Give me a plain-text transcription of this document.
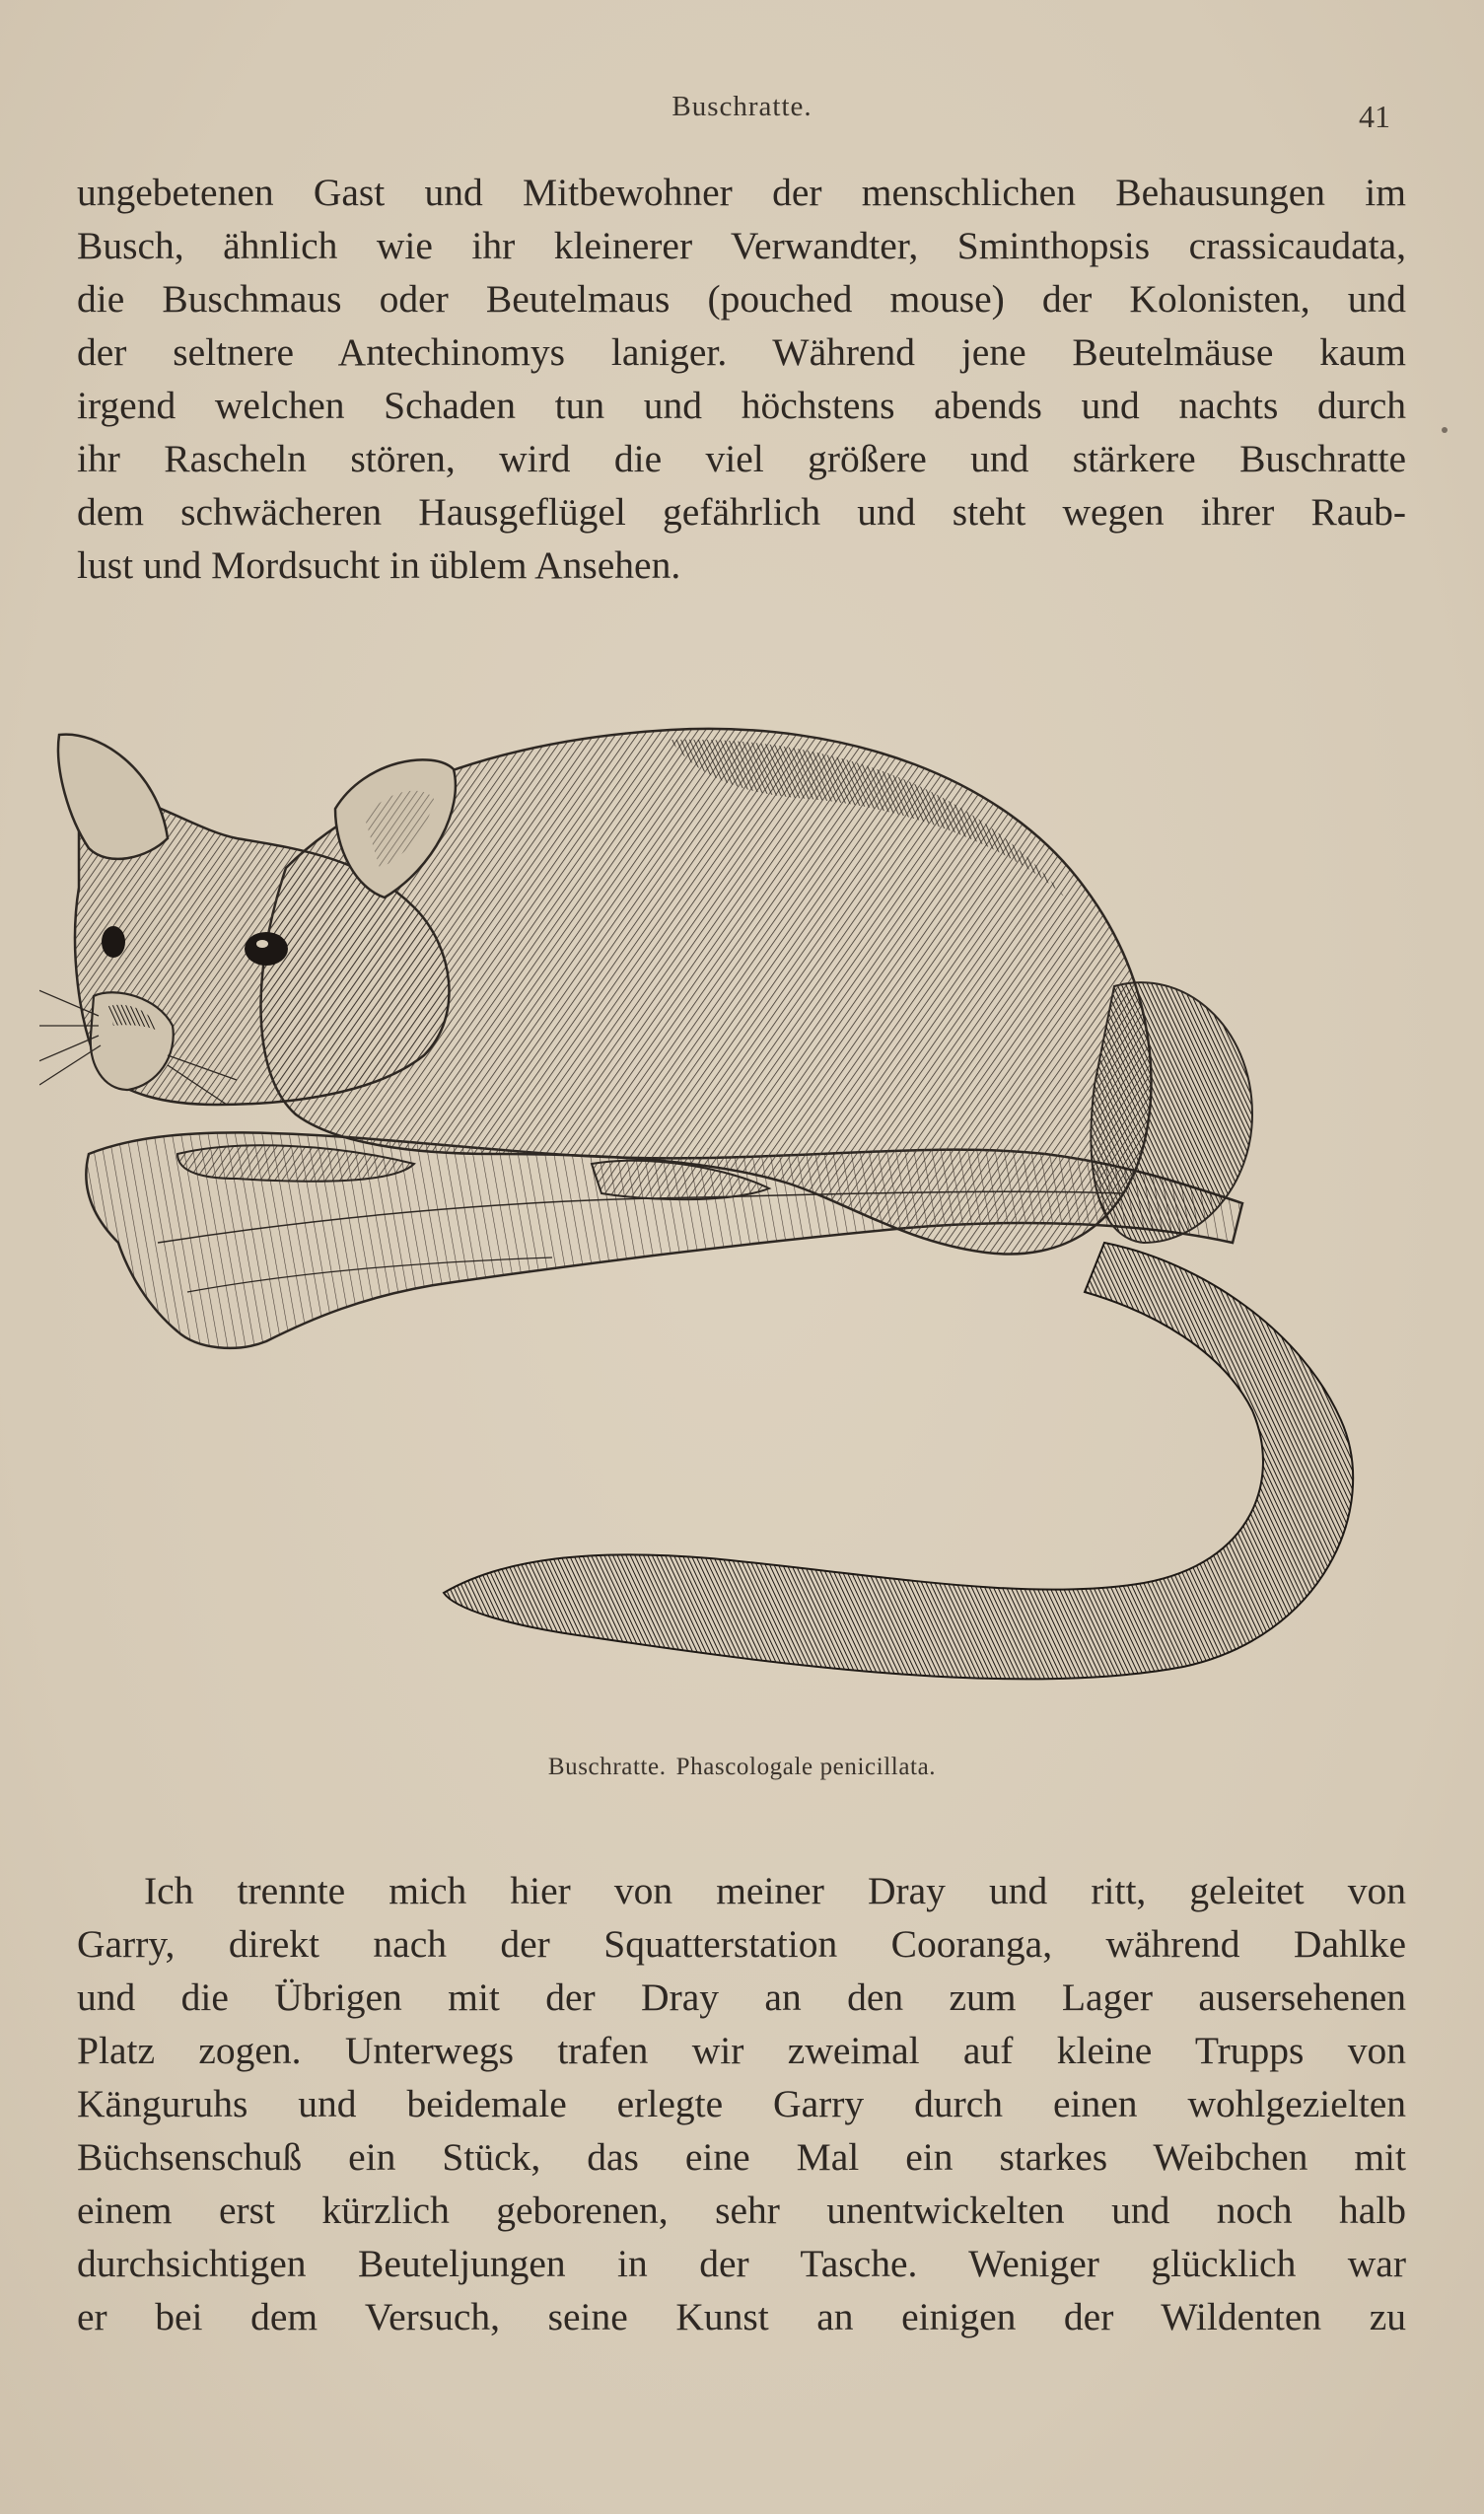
Buschratte.	41
ungebetenen Gast und Mitbewohner der menschlichen Behausungen im
Busch, ähnlich wie ihr kleinerer Verwandter, Sminthopsis crassicaudata,
die Buschmaus oder Beutelmaus (pouched mouse) der Kolonisten, und
der seltnere Antechinomys laniger. Während jene Beutelmäuse kaum
irgend welchen Schaden tun und höchstens abends und nachts durch
ihr Rascheln stören, wird die viel größere und stärkere Buschratte
dem schwächeren Hausgeflügel gefährlich und steht wegen ihrer Raub-
lust und Mordsucht in üblem Ansehen.
Buschratte. Phascologale penicillata.
Ich trennte mich hier von meiner Dray und ritt, geleitet von
Garry, direkt nach der Squatterstation Cooranga, während Dahlke
und die Übrigen mit der Dray an den zum Lager ausersehenen
Platz zogen. Unterwegs trafen wir zweimal auf kleine Trupps von
Känguruhs und beidemale erlegte Garry durch einen wohlgezielten
Büchsenschuß ein Stück, das eine Mal ein starkes Weibchen mit
einem erst kürzlich geborenen, sehr unentwickelten und noch halb
durchsichtigen Beuteljungen in der Tasche. Weniger glücklich war
er bei dem Versuch, seine Kunst an einigen der Wildenten zu
